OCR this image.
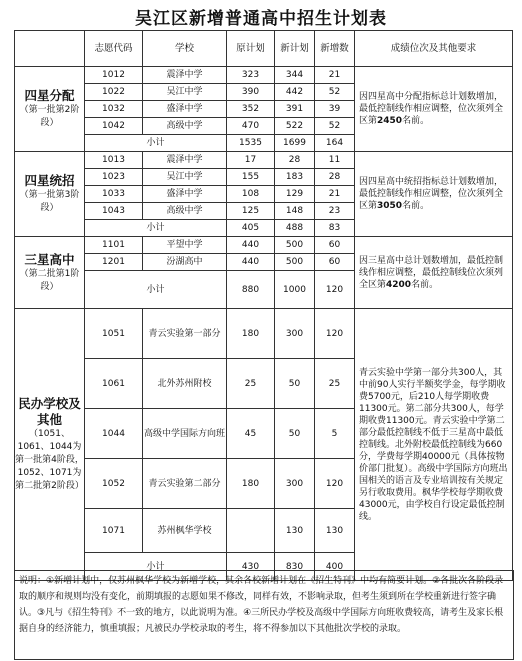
吴江区新增普通高中招生计划表
	志愿代码	学校	原计划	新计划	新增数	成绩位次及其他要求

四星分配
（第一批第2阶段）	1012	震泽中学	323	344	21	因四星高中分配指标总计划数增加，最低控制线作相应调整，位次须列全区第2450名前。
	1022	吴江中学	390	442	52	
	1032	盛泽中学	352	391	39	
	1042	高级中学	470	522	52	
	小计		1535	1699	164	

四星统招
（第一批第3阶段）	1013	震泽中学	17	28	11	因四星高中统招指标总计划数增加，最低控制线作相应调整，位次须列全区第3050名前。
	1023	吴江中学	155	183	28	
	1033	盛泽中学	108	129	21	
	1043	高级中学	125	148	23	
	小计		405	488	83	

三星高中
（第二批第1阶段）	1101	平望中学	440	500	60	因三星高中总计划数增加，最低控制线作相应调整，最低控制线位次须列全区第4200名前。
	1201	汾湖高中	440	500	60	
	小计		880	1000	120	

民办学校及其他
（1051、1061、1044为第一批第4阶段，1052、1071为第二批第2阶段）	1051	青云实验第一部分	180	300	120	青云实验中学第一部分共300人，其中前90人实行半额奖学金，每学期收费5700元，后210人每学期收费11300元。第二部分共300人，每学期收费11300元。青云实验中学第二部分最低控制线不低于三星高中最低控制线。北外附校最低控制线为660分，学费每学期40000元（具体按物价部门批复）。高级中学国际方向班出国相关的语言及专业培训按有关规定另行收取费用。枫华学校每学期收费43000元，由学校自行设定最低控制线。
	1061	北外苏州附校	25	50	25	
	1044	高级中学国际方向班	45	50	5	
	1052	青云实验第二部分	180	300	120	
	1071	苏州枫华学校		130	130	
	小计		430	830	400	
说明：①新增计划中，仅苏州枫华学校为新增学校，其余各校新增计划在《招生特刊》中均有简要计划。②各批次各阶段录取的顺序和规则均没有变化，前期填报的志愿如果不修改，同样有效，不影响录取，但考生须到所在学校重新进行签字确认。③凡与《招生特刊》不一致的地方，以此说明为准。④三所民办学校及高级中学国际方向班收费较高，请考生及家长根据自身的经济能力，慎重填报；凡被民办学校录取的考生，将不得参加以下其他批次学校的录取。
